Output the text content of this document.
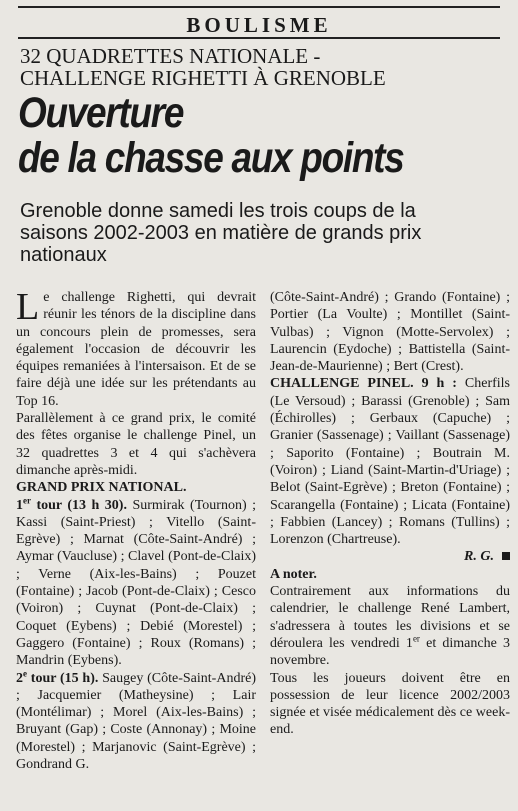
BOULISME
32 QUADRETTES NATIONALE -
CHALLENGE RIGHETTI À GRENOBLE
Ouverture
de la chasse aux points
Grenoble donne samedi les trois coups de la saisons 2002-2003 en matière de grands prix nationaux

Le challenge Righetti, qui devrait réunir les ténors de la discipline dans un concours plein de promesses, sera également l'occasion de découvrir les équipes remaniées à l'intersaison. Et de se faire déjà une idée sur les prétendants au Top 16.

Parallèlement à ce grand prix, le comité des fêtes organise le challenge Pinel, un 32 quadrettes 3 et 4 qui s'achèvera dimanche après-midi.

GRAND PRIX NATIONAL.

1er tour (13 h 30). Surmirak (Tournon) ; Kassi (Saint-Priest) ; Vitello (Saint-Egrève) ; Marnat (Côte-Saint-André) ; Aymar (Vaucluse) ; Clavel (Pont-de-Claix) ; Verne (Aix-les-Bains) ; Pouzet (Fontaine) ; Jacob (Pont-de-Claix) ; Cesco (Voiron) ; Cuynat (Pont-de-Claix) ; Coquet (Eybens) ; Debié (Morestel) ; Gaggero (Fontaine) ; Roux (Romans) ; Mandrin (Eybens).

2e tour (15 h). Saugey (Côte-Saint-André) ; Jacquemier (Matheysine) ; Lair (Montélimar) ; Morel (Aix-les-Bains) ; Bruyant (Gap) ; Coste (Annonay) ; Moine (Morestel) ; Marjanovic (Saint-Egrève) ; Gondrand G.

(Côte-Saint-André) ; Grando (Fontaine) ; Portier (La Voulte) ; Montillet (Saint-Vulbas) ; Vignon (Motte-Servolex) ; Laurencin (Eydoche) ; Battistella (Saint-Jean-de-Maurienne) ; Bert (Crest).

CHALLENGE PINEL. 9 h : Cherfils (Le Versoud) ; Barassi (Grenoble) ; Sam (Échirolles) ; Gerbaux (Capuche) ; Granier (Sassenage) ; Vaillant (Sassenage) ; Saporito (Fontaine) ; Boutrain M. (Voiron) ; Liand (Saint-Martin-d'Uriage) ; Belot (Saint-Egrève) ; Breton (Fontaine) ; Scarangella (Fontaine) ; Licata (Fontaine) ; Fabbien (Lancey) ; Romans (Tullins) ; Lorenzon (Chartreuse).

R. G.

A noter.

Contrairement aux informations du calendrier, le challenge René Lambert, s'adressera à toutes les divisions et se déroulera les vendredi 1er et dimanche 3 novembre.

Tous les joueurs doivent être en possession de leur licence 2002/2003 signée et visée médicalement dès ce week-end.
